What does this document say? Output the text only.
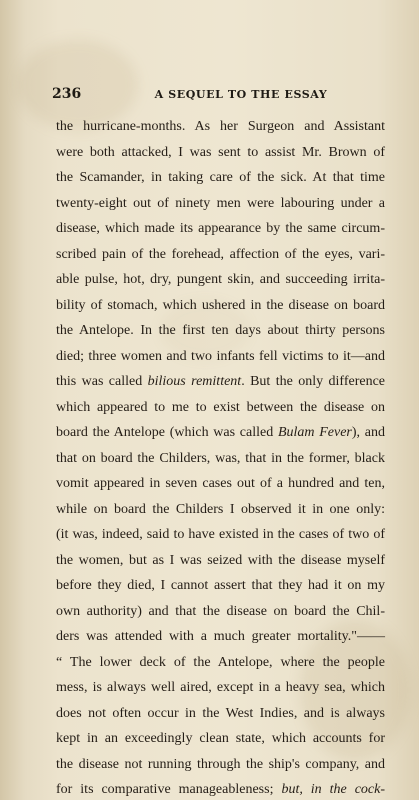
236	A SEQUEL TO THE ESSAY
the hurricane-months. As her Surgeon and Assistant
were both attacked, I was sent to assist Mr. Brown of
the Scamander, in taking care of the sick. At that time
twenty-eight out of ninety men were labouring under a
disease, which made its appearance by the same circum-
scribed pain of the forehead, affection of the eyes, vari-
able pulse, hot, dry, pungent skin, and succeeding irrita-
bility of stomach, which ushered in the disease on board
the Antelope. In the first ten days about thirty persons
died; three women and two infants fell victims to it—and
this was called bilious remittent. But the only difference
which appeared to me to exist between the disease on
board the Antelope (which was called Bulam Fever), and
that on board the Childers, was, that in the former, black
vomit appeared in seven cases out of a hundred and ten,
while on board the Childers I observed it in one only:
(it was, indeed, said to have existed in the cases of two of
the women, but as I was seized with the disease myself
before they died, I cannot assert that they had it on my
own authority) and that the disease on board the Chil-
ders was attended with a much greater mortality."——
“ The lower deck of the Antelope, where the people
mess, is always well aired, except in a heavy sea, which
does not often occur in the West Indies, and is always
kept in an exceedingly clean state, which accounts for
the disease not running through the ship's company, and
for its comparative manageableness; but, in the cock-
